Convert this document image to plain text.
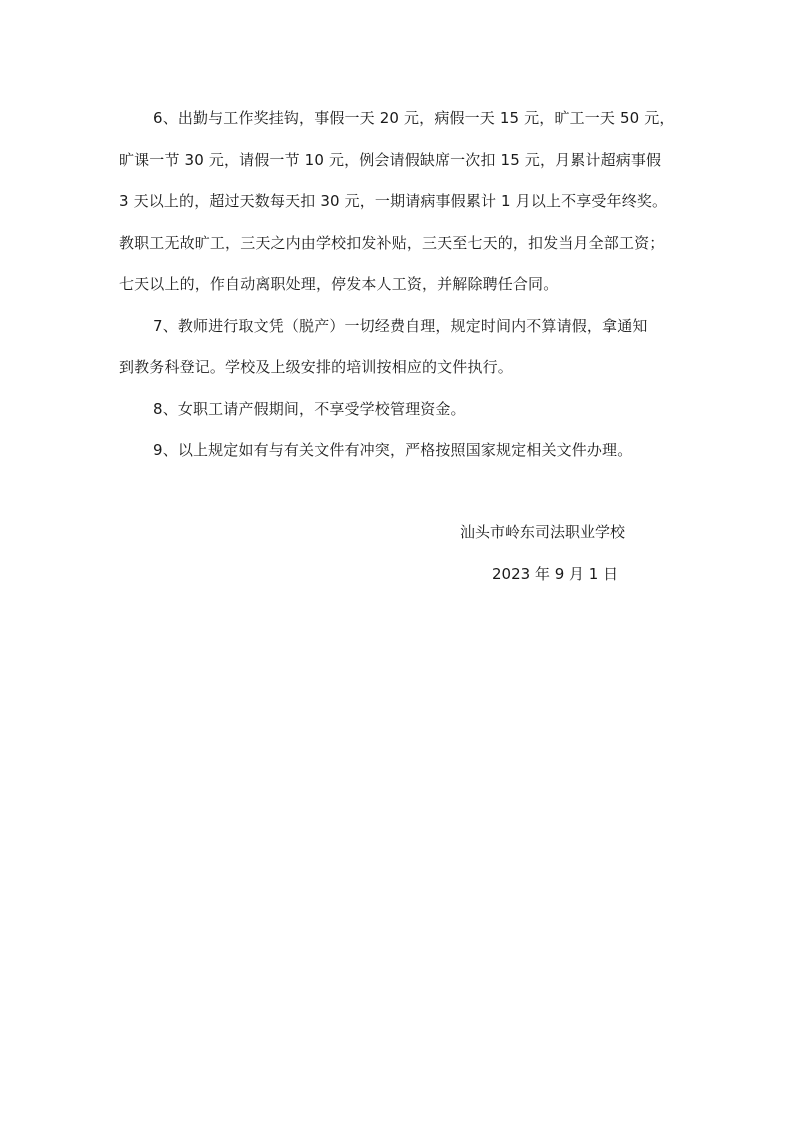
6、出勤与工作奖挂钩，事假一天 20 元，病假一天 15 元，旷工一天 50 元，
旷课一节 30 元，请假一节 10 元，例会请假缺席一次扣 15 元，月累计超病事假
3 天以上的，超过天数每天扣 30 元，一期请病事假累计 1 月以上不享受年终奖。
教职工无故旷工，三天之内由学校扣发补贴，三天至七天的，扣发当月全部工资；
七天以上的，作自动离职处理，停发本人工资，并解除聘任合同。
7、教师进行取文凭（脱产）一切经费自理，规定时间内不算请假，拿通知
到教务科登记。学校及上级安排的培训按相应的文件执行。
8、女职工请产假期间，不享受学校管理资金。
9、以上规定如有与有关文件有冲突，严格按照国家规定相关文件办理。
汕头市岭东司法职业学校
2023 年 9 月 1 日
